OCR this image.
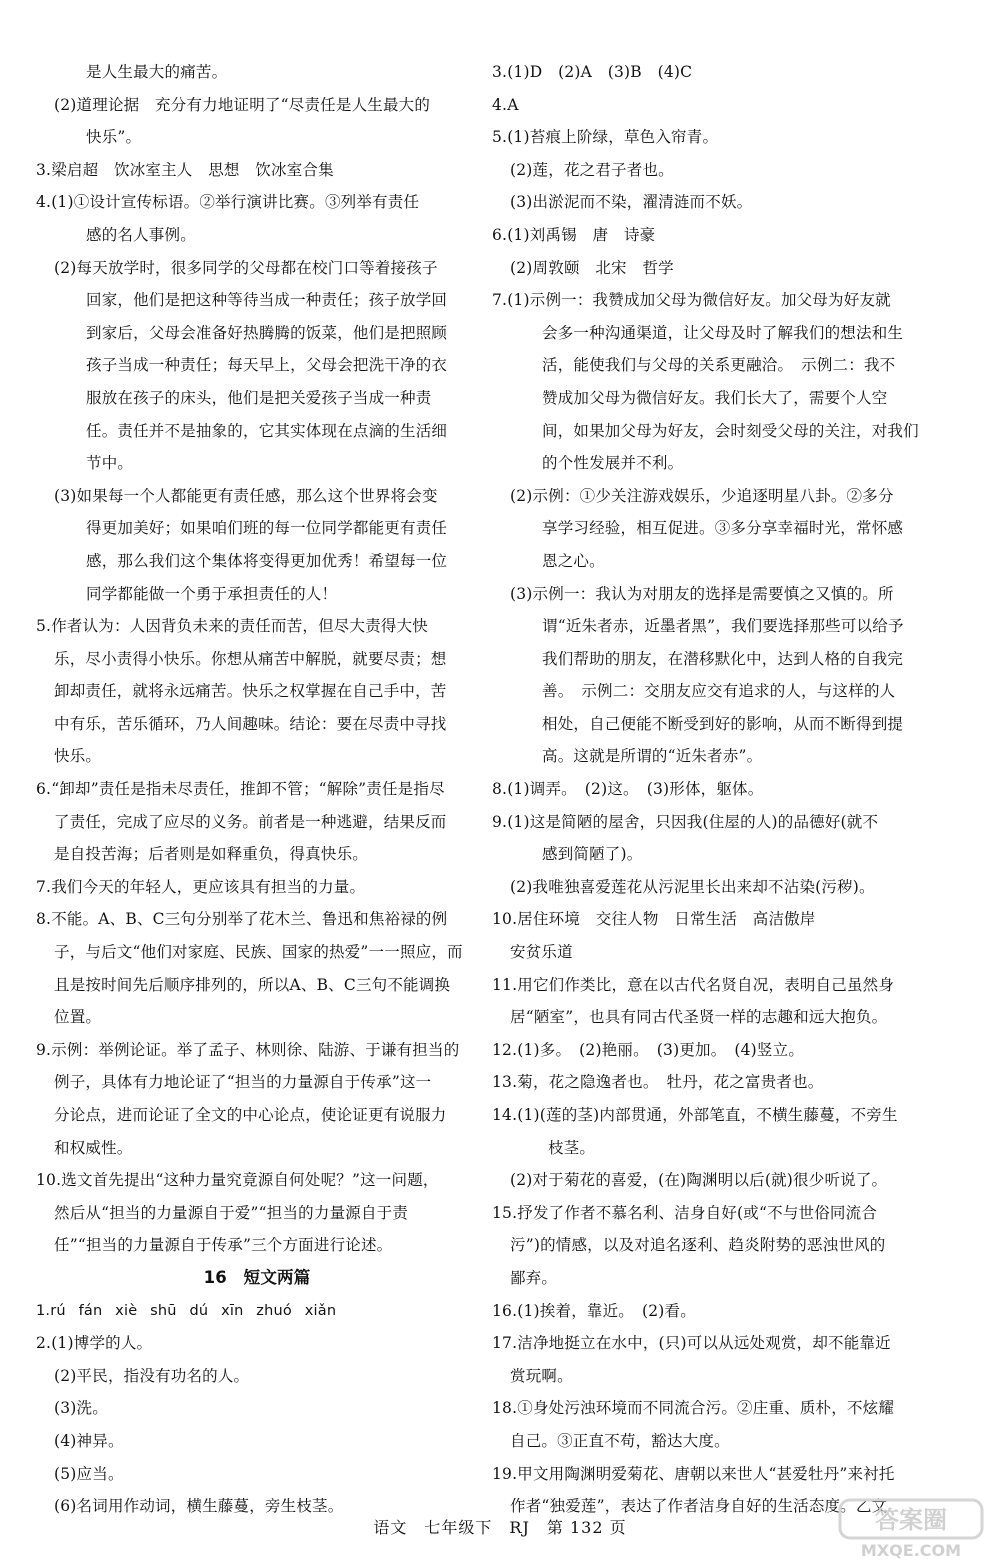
是人生最大的痛苦。
(2)道理论据　充分有力地证明了“尽责任是人生最大的
快乐”。
3.梁启超　饮冰室主人　思想　饮冰室合集
4.(1)①设计宣传标语。②举行演讲比赛。③列举有责任
感的名人事例。
(2)每天放学时，很多同学的父母都在校门口等着接孩子
回家，他们是把这种等待当成一种责任；孩子放学回
到家后，父母会准备好热腾腾的饭菜，他们是把照顾
孩子当成一种责任；每天早上，父母会把洗干净的衣
服放在孩子的床头，他们是把关爱孩子当成一种责
任。责任并不是抽象的，它其实体现在点滴的生活细
节中。
(3)如果每一个人都能更有责任感，那么这个世界将会变
得更加美好；如果咱们班的每一位同学都能更有责任
感，那么我们这个集体将变得更加优秀！希望每一位
同学都能做一个勇于承担责任的人！
5.作者认为：人因背负未来的责任而苦，但尽大责得大快
乐，尽小责得小快乐。你想从痛苦中解脱，就要尽责；想
卸却责任，就将永远痛苦。快乐之权掌握在自己手中，苦
中有乐，苦乐循环，乃人间趣味。结论：要在尽责中寻找
快乐。
6.“卸却”责任是指未尽责任，推卸不管；“解除”责任是指尽
了责任，完成了应尽的义务。前者是一种逃避，结果反而
是自投苦海；后者则是如释重负，得真快乐。
7.我们今天的年轻人，更应该具有担当的力量。
8.不能。A、B、C三句分别举了花木兰、鲁迅和焦裕禄的例
子，与后文“他们对家庭、民族、国家的热爱”一一照应，而
且是按时间先后顺序排列的，所以A、B、C三句不能调换
位置。
9.示例：举例论证。举了孟子、林则徐、陆游、于谦有担当的
例子，具体有力地论证了“担当的力量源自于传承”这一
分论点，进而论证了全文的中心论点，使论证更有说服力
和权威性。
10.选文首先提出“这种力量究竟源自何处呢？”这一问题，
然后从“担当的力量源自于爱”“担当的力量源自于责
任”“担当的力量源自于传承”三个方面进行论述。
16　短文两篇
1.rú fán xiè shū dú xīn zhuó xiǎn
2.(1)博学的人。
(2)平民，指没有功名的人。
(3)洗。
(4)神异。
(5)应当。
(6)名词用作动词，横生藤蔓，旁生枝茎。
3.(1)D　(2)A　(3)B　(4)C
4.A
5.(1)苔痕上阶绿，草色入帘青。
(2)莲，花之君子者也。
(3)出淤泥而不染，濯清涟而不妖。
6.(1)刘禹锡　唐　诗豪
(2)周敦颐　北宋　哲学
7.(1)示例一：我赞成加父母为微信好友。加父母为好友就
会多一种沟通渠道，让父母及时了解我们的想法和生
活，能使我们与父母的关系更融洽。　示例二：我不
赞成加父母为微信好友。我们长大了，需要个人空
间，如果加父母为好友，会时刻受父母的关注，对我们
的个性发展并不利。
(2)示例：①少关注游戏娱乐，少追逐明星八卦。②多分
享学习经验，相互促进。③多分享幸福时光，常怀感
恩之心。
(3)示例一：我认为对朋友的选择是需要慎之又慎的。所
谓“近朱者赤，近墨者黑”，我们要选择那些可以给予
我们帮助的朋友，在潜移默化中，达到人格的自我完
善。　示例二：交朋友应交有追求的人，与这样的人
相处，自己便能不断受到好的影响，从而不断得到提
高。这就是所谓的“近朱者赤”。
8.(1)调弄。　(2)这。　(3)形体，躯体。
9.(1)这是简陋的屋舍，只因我(住屋的人)的品德好(就不
感到简陋了)。
(2)我唯独喜爱莲花从污泥里长出来却不沾染(污秽)。
10.居住环境　交往人物　日常生活　高洁傲岸
安贫乐道
11.用它们作类比，意在以古代名贤自况，表明自己虽然身
居“陋室”，也具有同古代圣贤一样的志趣和远大抱负。
12.(1)多。　(2)艳丽。　(3)更加。　(4)竖立。
13.菊，花之隐逸者也。　牡丹，花之富贵者也。
14.(1)(莲的茎)内部贯通，外部笔直，不横生藤蔓，不旁生
枝茎。
(2)对于菊花的喜爱，(在)陶渊明以后(就)很少听说了。
15.抒发了作者不慕名利、洁身自好(或“不与世俗同流合
污”)的情感，以及对追名逐利、趋炎附势的恶浊世风的
鄙弃。
16.(1)挨着，靠近。　(2)看。
17.洁净地挺立在水中，(只)可以从远处观赏，却不能靠近
赏玩啊。
18.①身处污浊环境而不同流合污。②庄重、质朴，不炫耀
自己。③正直不苟，豁达大度。
19.甲文用陶渊明爱菊花、唐朝以来世人“甚爱牡丹”来衬托
作者“独爱莲”，表达了作者洁身自好的生活态度。乙文
语文　七年级下　RJ　第 132 页	答案圈
MXQE.COM
